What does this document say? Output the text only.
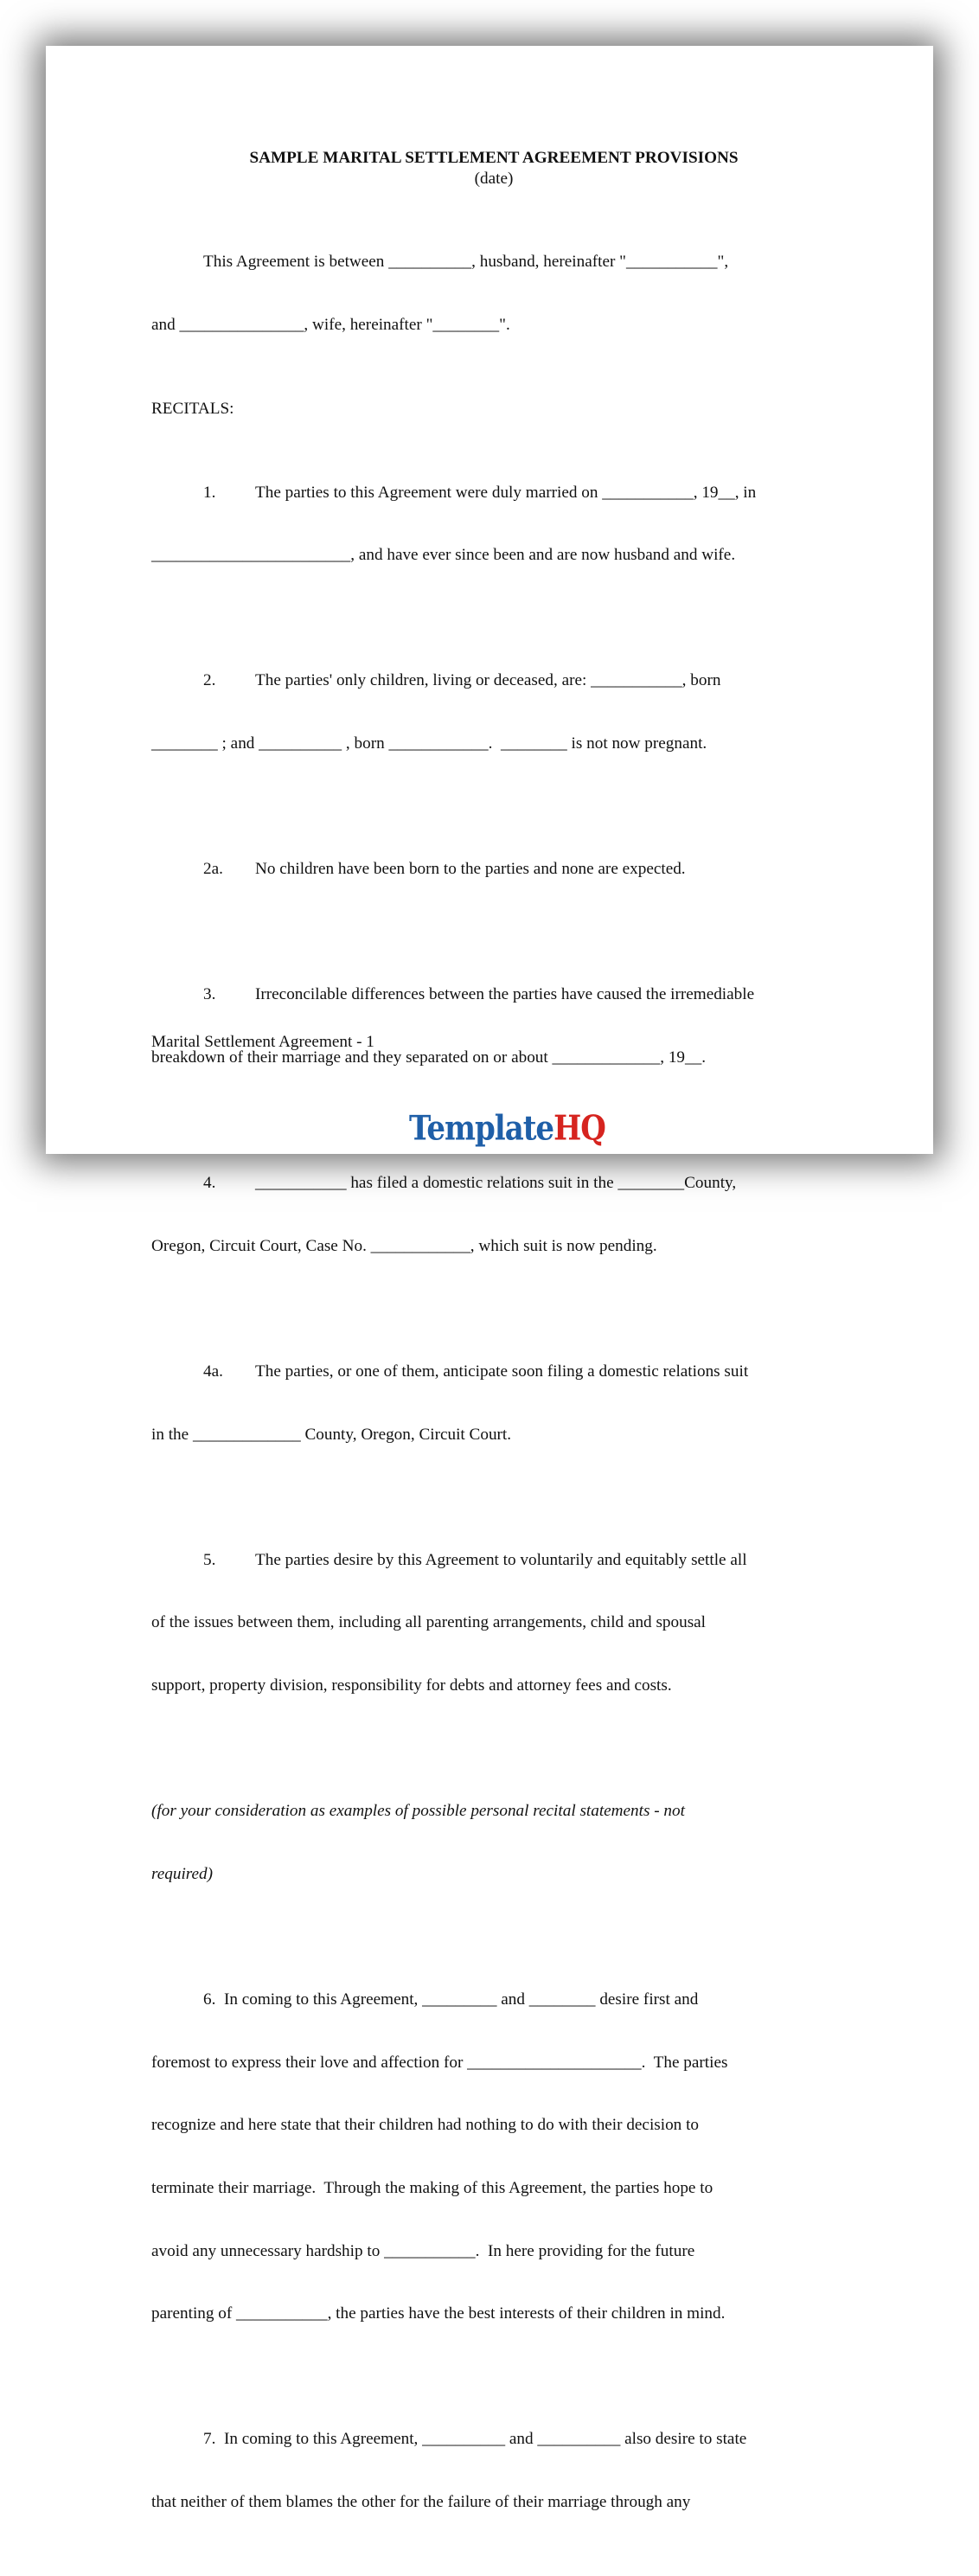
SAMPLE MARITAL SETTLEMENT AGREEMENT PROVISIONS

(date)

This Agreement is between __________, husband, hereinafter "___________",

and _______________, wife, hereinafter "________".

RECITALS:

1. The parties to this Agreement were duly married on ___________, 19__, in

________________________, and have ever since been and are now husband and wife.

2. The parties' only children, living or deceased, are: ___________, born

________ ; and __________ , born ____________.  ________ is not now pregnant.

2a. No children have been born to the parties and none are expected.

3. Irreconcilable differences between the parties have caused the irremediable

breakdown of their marriage and they separated on or about _____________, 19__.

4. ___________ has filed a domestic relations suit in the ________County,

Oregon, Circuit Court, Case No. ____________, which suit is now pending.

4a. The parties, or one of them, anticipate soon filing a domestic relations suit

in the _____________ County, Oregon, Circuit Court.

5. The parties desire by this Agreement to voluntarily and equitably settle all

of the issues between them, including all parenting arrangements, child and spousal

support, property division, responsibility for debts and attorney fees and costs.

(for your consideration as examples of possible personal recital statements - not

required)

6.  In coming to this Agreement, _________ and ________ desire first and

foremost to express their love and affection for _____________________.  The parties

recognize and here state that their children had nothing to do with their decision to

terminate their marriage.  Through the making of this Agreement, the parties hope to

avoid any unnecessary hardship to ___________.  In here providing for the future

parenting of ___________, the parties have the best interests of their children in mind.

7.  In coming to this Agreement, __________ and __________ also desire to state

that neither of them blames the other for the failure of their marriage through any

Marital Settlement Agreement - 1
TemplateHQ
